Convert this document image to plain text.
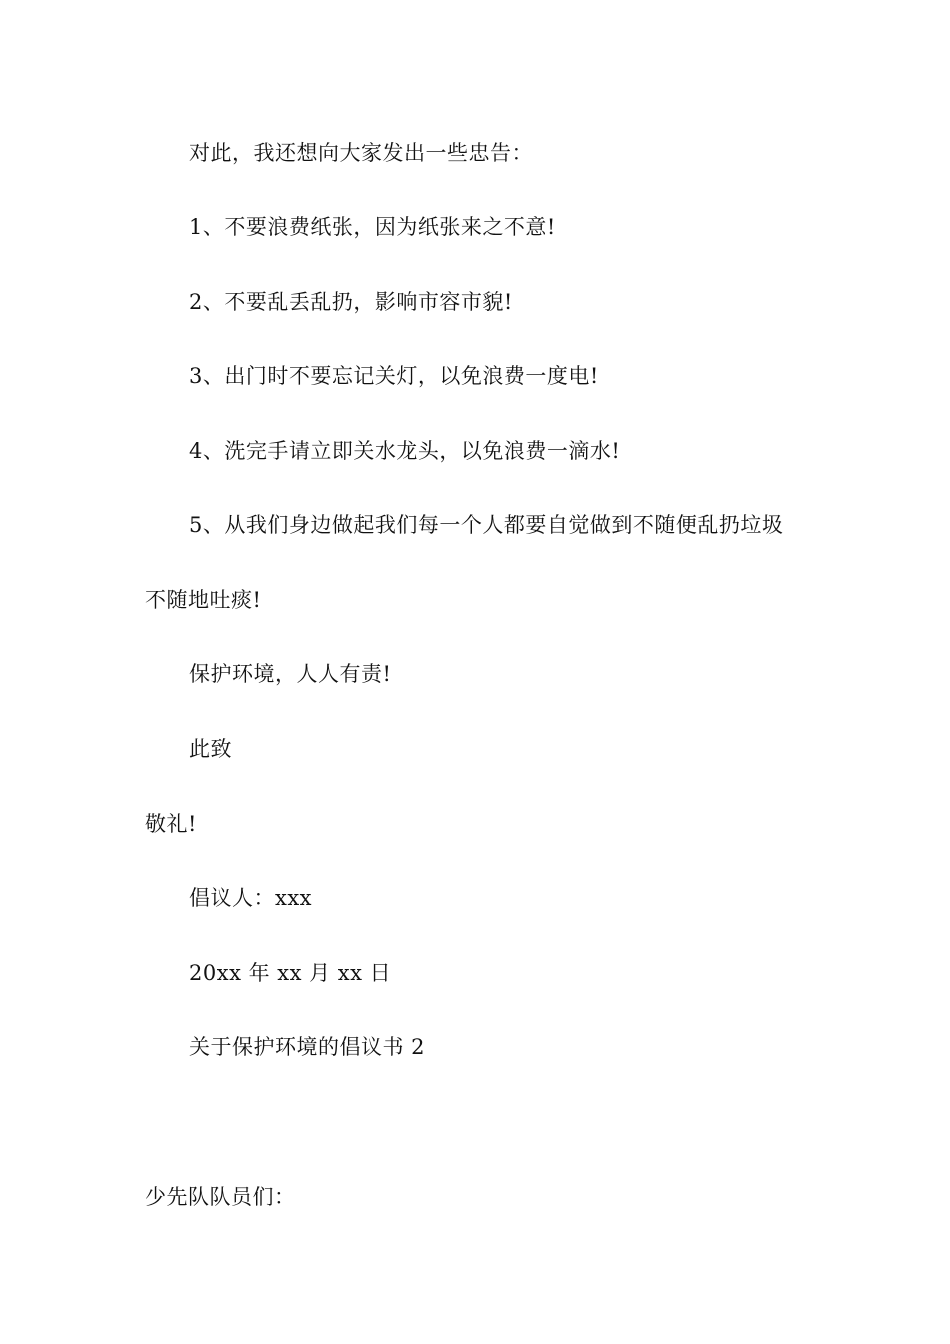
对此，我还想向大家发出一些忠告：
1、不要浪费纸张，因为纸张来之不意!
2、不要乱丢乱扔，影响市容市貌!
3、出门时不要忘记关灯，以免浪费一度电!
4、洗完手请立即关水龙头，以免浪费一滴水!
5、从我们身边做起我们每一个人都要自觉做到不随便乱扔垃圾
不随地吐痰!
保护环境，人人有责!
此致
敬礼!
倡议人：xxx
20xx 年 xx 月 xx 日
关于保护环境的倡议书 2
少先队队员们：
